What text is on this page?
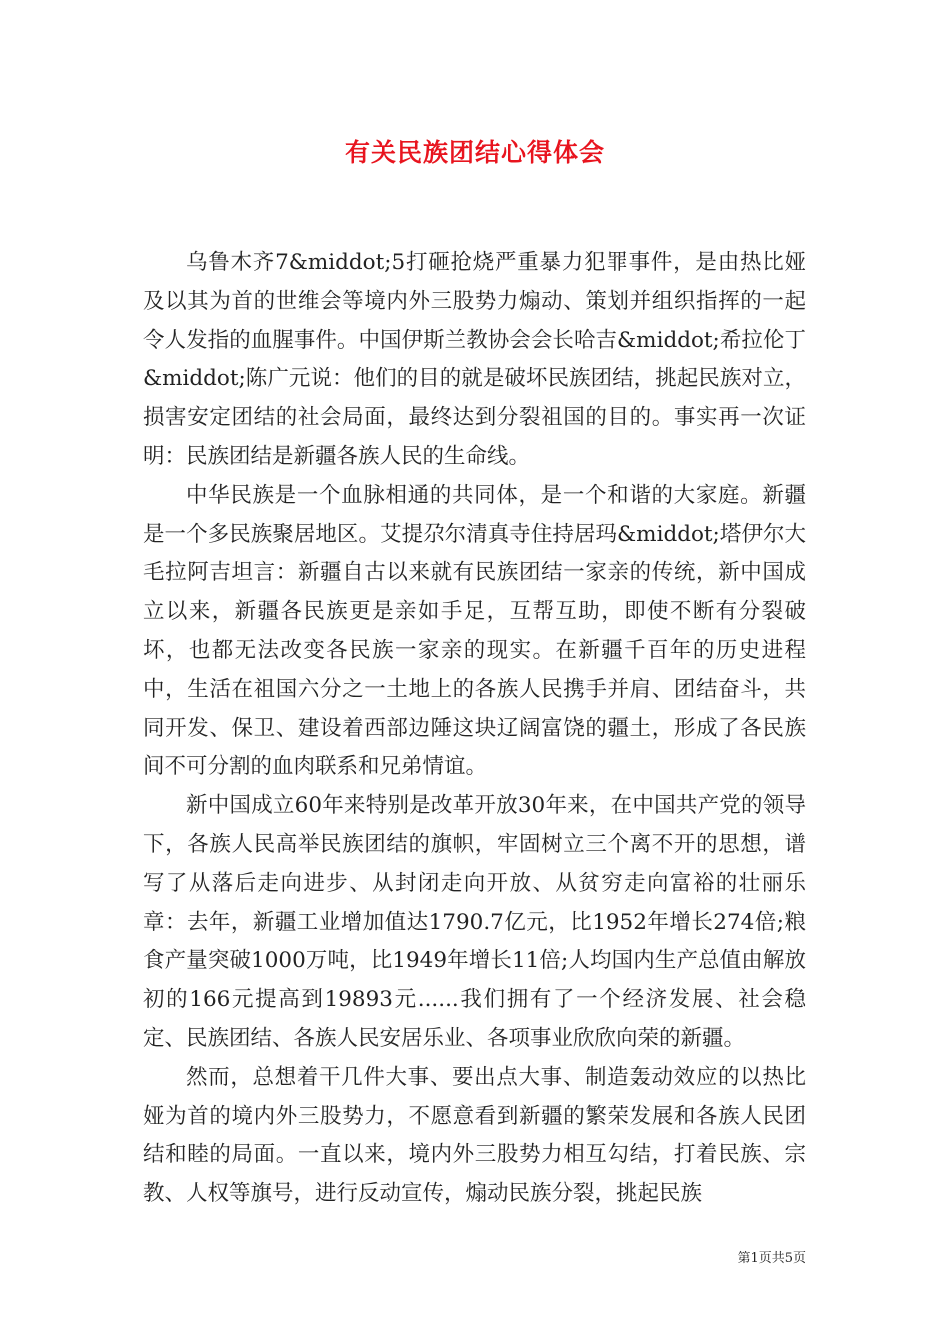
有关民族团结心得体会

乌鲁木齐7&middot;5打砸抢烧严重暴力犯罪事件，是由热比娅及以其为首的世维会等境内外三股势力煽动、策划并组织指挥的一起令人发指的血腥事件。中国伊斯兰教协会会长哈吉&middot;希拉伦丁&middot;陈广元说：他们的目的就是破坏民族团结，挑起民族对立，损害安定团结的社会局面，最终达到分裂祖国的目的。事实再一次证明：民族团结是新疆各族人民的生命线。

中华民族是一个血脉相通的共同体，是一个和谐的大家庭。新疆是一个多民族聚居地区。艾提尕尔清真寺住持居玛&middot;塔伊尔大毛拉阿吉坦言：新疆自古以来就有民族团结一家亲的传统，新中国成立以来，新疆各民族更是亲如手足，互帮互助，即使不断有分裂破坏，也都无法改变各民族一家亲的现实。在新疆千百年的历史进程中，生活在祖国六分之一土地上的各族人民携手并肩、团结奋斗，共同开发、保卫、建设着西部边陲这块辽阔富饶的疆土，形成了各民族间不可分割的血肉联系和兄弟情谊。

新中国成立60年来特别是改革开放30年来，在中国共产党的领导下，各族人民高举民族团结的旗帜，牢固树立三个离不开的思想，谱写了从落后走向进步、从封闭走向开放、从贫穷走向富裕的壮丽乐章：去年，新疆工业增加值达1790.7亿元，比1952年增长274倍;粮食产量突破1000万吨，比1949年增长11倍;人均国内生产总值由解放初的166元提高到19893元......我们拥有了一个经济发展、社会稳定、民族团结、各族人民安居乐业、各项事业欣欣向荣的新疆。

然而，总想着干几件大事、要出点大事、制造轰动效应的以热比娅为首的境内外三股势力，不愿意看到新疆的繁荣发展和各族人民团结和睦的局面。一直以来，境内外三股势力相互勾结，打着民族、宗教、人权等旗号，进行反动宣传，煽动民族分裂，挑起民族

第1页共5页
